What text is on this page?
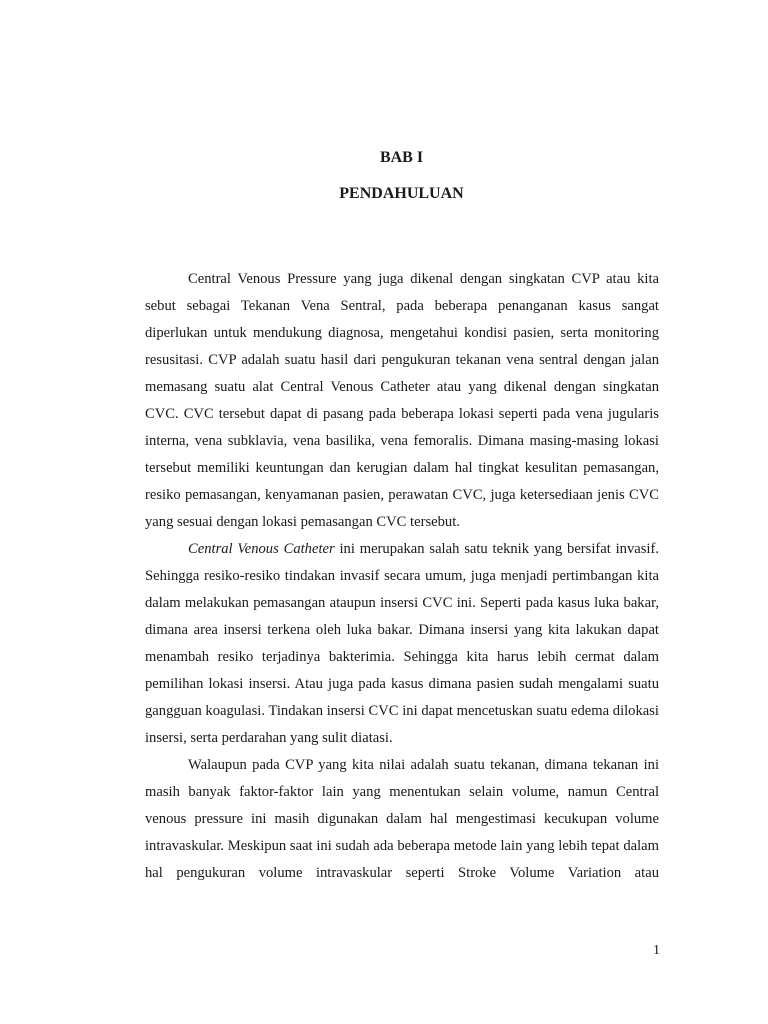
BAB I
PENDAHULUAN

Central Venous Pressure yang juga dikenal dengan singkatan CVP atau kita sebut sebagai Tekanan Vena Sentral, pada beberapa penanganan kasus sangat diperlukan untuk mendukung diagnosa, mengetahui kondisi pasien, serta monitoring resusitasi. CVP adalah suatu hasil dari pengukuran tekanan vena sentral dengan jalan memasang suatu alat Central Venous Catheter atau yang dikenal dengan singkatan CVC. CVC tersebut dapat di pasang pada beberapa lokasi seperti pada vena jugularis interna, vena subklavia, vena basilika, vena femoralis. Dimana masing-masing lokasi tersebut memiliki keuntungan dan kerugian dalam hal tingkat kesulitan pemasangan, resiko pemasangan, kenyamanan pasien, perawatan CVC, juga ketersediaan jenis CVC yang sesuai dengan lokasi pemasangan CVC tersebut.

Central Venous Catheter ini merupakan salah satu teknik yang bersifat invasif. Sehingga resiko-resiko tindakan invasif secara umum, juga menjadi pertimbangan kita dalam melakukan pemasangan ataupun insersi CVC ini. Seperti pada kasus luka bakar, dimana area insersi terkena oleh luka bakar. Dimana insersi yang kita lakukan dapat menambah resiko terjadinya bakterimia. Sehingga kita harus lebih cermat dalam pemilihan lokasi insersi. Atau juga pada kasus dimana pasien sudah mengalami suatu gangguan koagulasi. Tindakan insersi CVC ini dapat mencetuskan suatu edema dilokasi insersi, serta perdarahan yang sulit diatasi.

Walaupun pada CVP yang kita nilai adalah suatu tekanan, dimana tekanan ini masih banyak faktor-faktor lain yang menentukan selain volume, namun Central venous pressure ini masih digunakan dalam hal mengestimasi kecukupan volume intravaskular. Meskipun saat ini sudah ada beberapa metode lain yang lebih tepat dalam hal pengukuran volume intravaskular seperti Stroke Volume Variation atau

1
